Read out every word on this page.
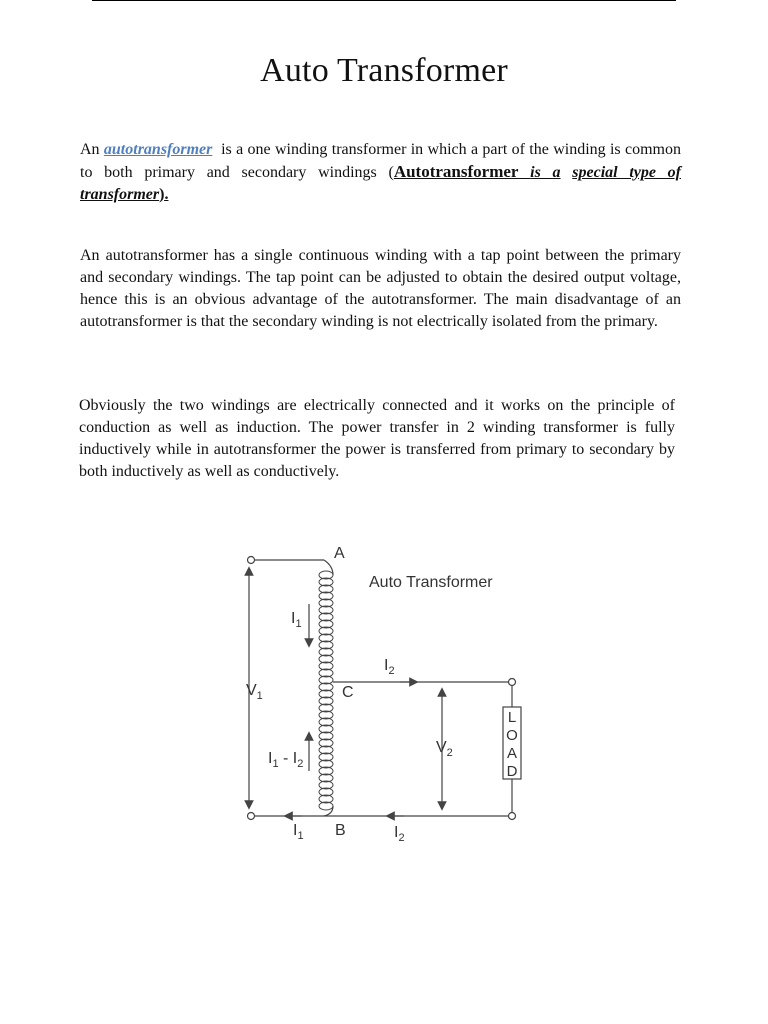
Auto Transformer

An autotransformer is a one winding transformer in which a part of the winding is common to both primary and secondary windings (Autotransformer is a special type of transformer).

An autotransformer has a single continuous winding with a tap point between the primary and secondary windings. The tap point can be adjusted to obtain the desired output voltage, hence this is an obvious advantage of the autotransformer. The main disadvantage of an autotransformer is that the secondary winding is not electrically isolated from the primary.

Obviously the two windings are electrically connected and it works on the principle of conduction as well as induction. The power transfer in 2 winding transformer is fully inductively while in autotransformer the power is transferred from primary to secondary by both inductively as well as conductively.

L
O
A
D
Auto Transformer
A
C
B
$V_1$
$V_2$
$I_1$
$I_2$
$I_1 - I_2$
$I_1$	$I_2$
